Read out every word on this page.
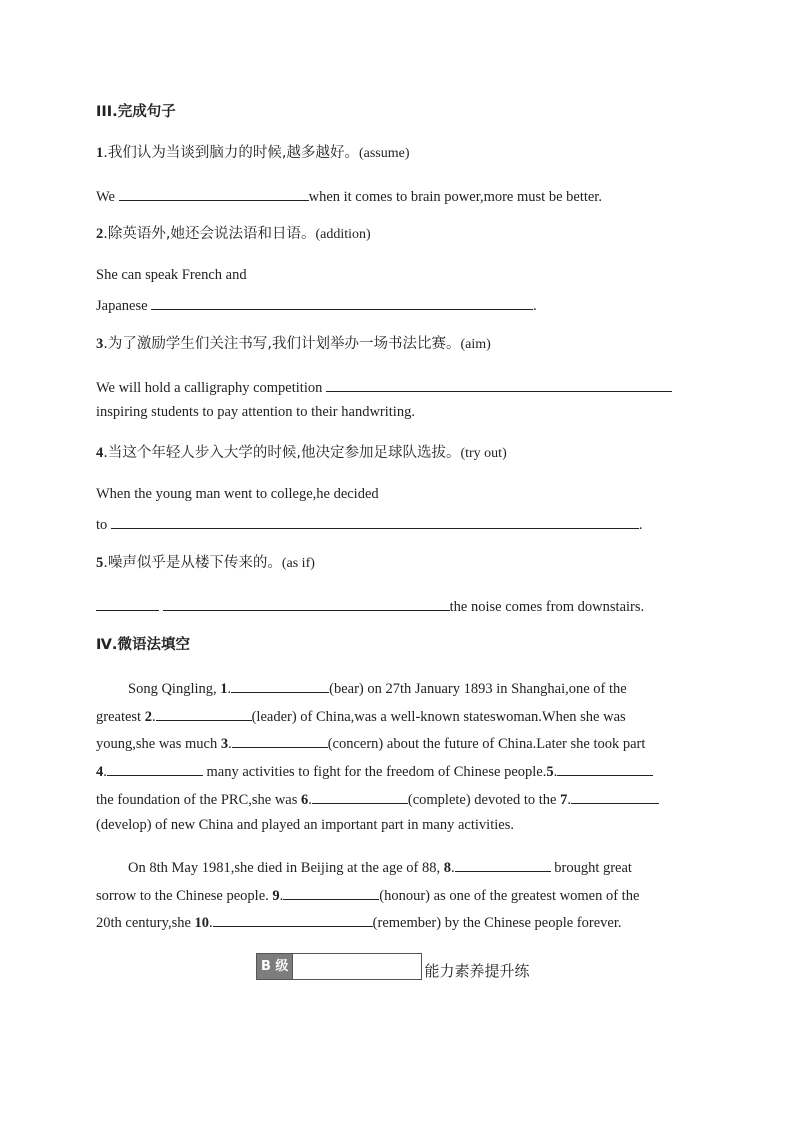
III.完成句子
1.我们认为当谈到脑力的时候,越多越好。(assume)
We	when it comes to brain power,more must be better.
2.除英语外,她还会说法语和日语。(addition)
She can speak French and
Japanese	.
3.为了激励学生们关注书写,我们计划举办一场书法比赛。(aim)
We will hold a calligraphy competition
inspiring students to pay attention to their handwriting.
4.当这个年轻人步入大学的时候,他决定参加足球队选拔。(try out)
When the young man went to college,he decided
to	.
5.噪声似乎是从楼下传来的。(as if)
the noise comes from downstairs.
Ⅳ.微语法填空
Song Qingling, 1.	(bear) on 27th January 1893 in Shanghai,one of the
greatest 2.	(leader) of China,was a well-known stateswoman.When she was
young,she was much 3.	(concern) about the future of China.Later she took part
4.	many activities to fight for the freedom of Chinese people.5.
the foundation of the PRC,she was 6.	(complete) devoted to the 7.
(develop) of new China and played an important part in many activities.
On 8th May 1981,she died in Beijing at the age of 88, 8.	brought great
sorrow to the Chinese people. 9.	(honour) as one of the greatest women of the
20th century,she 10.	(remember) by the Chinese people forever.
B 级	能力素养提升练
